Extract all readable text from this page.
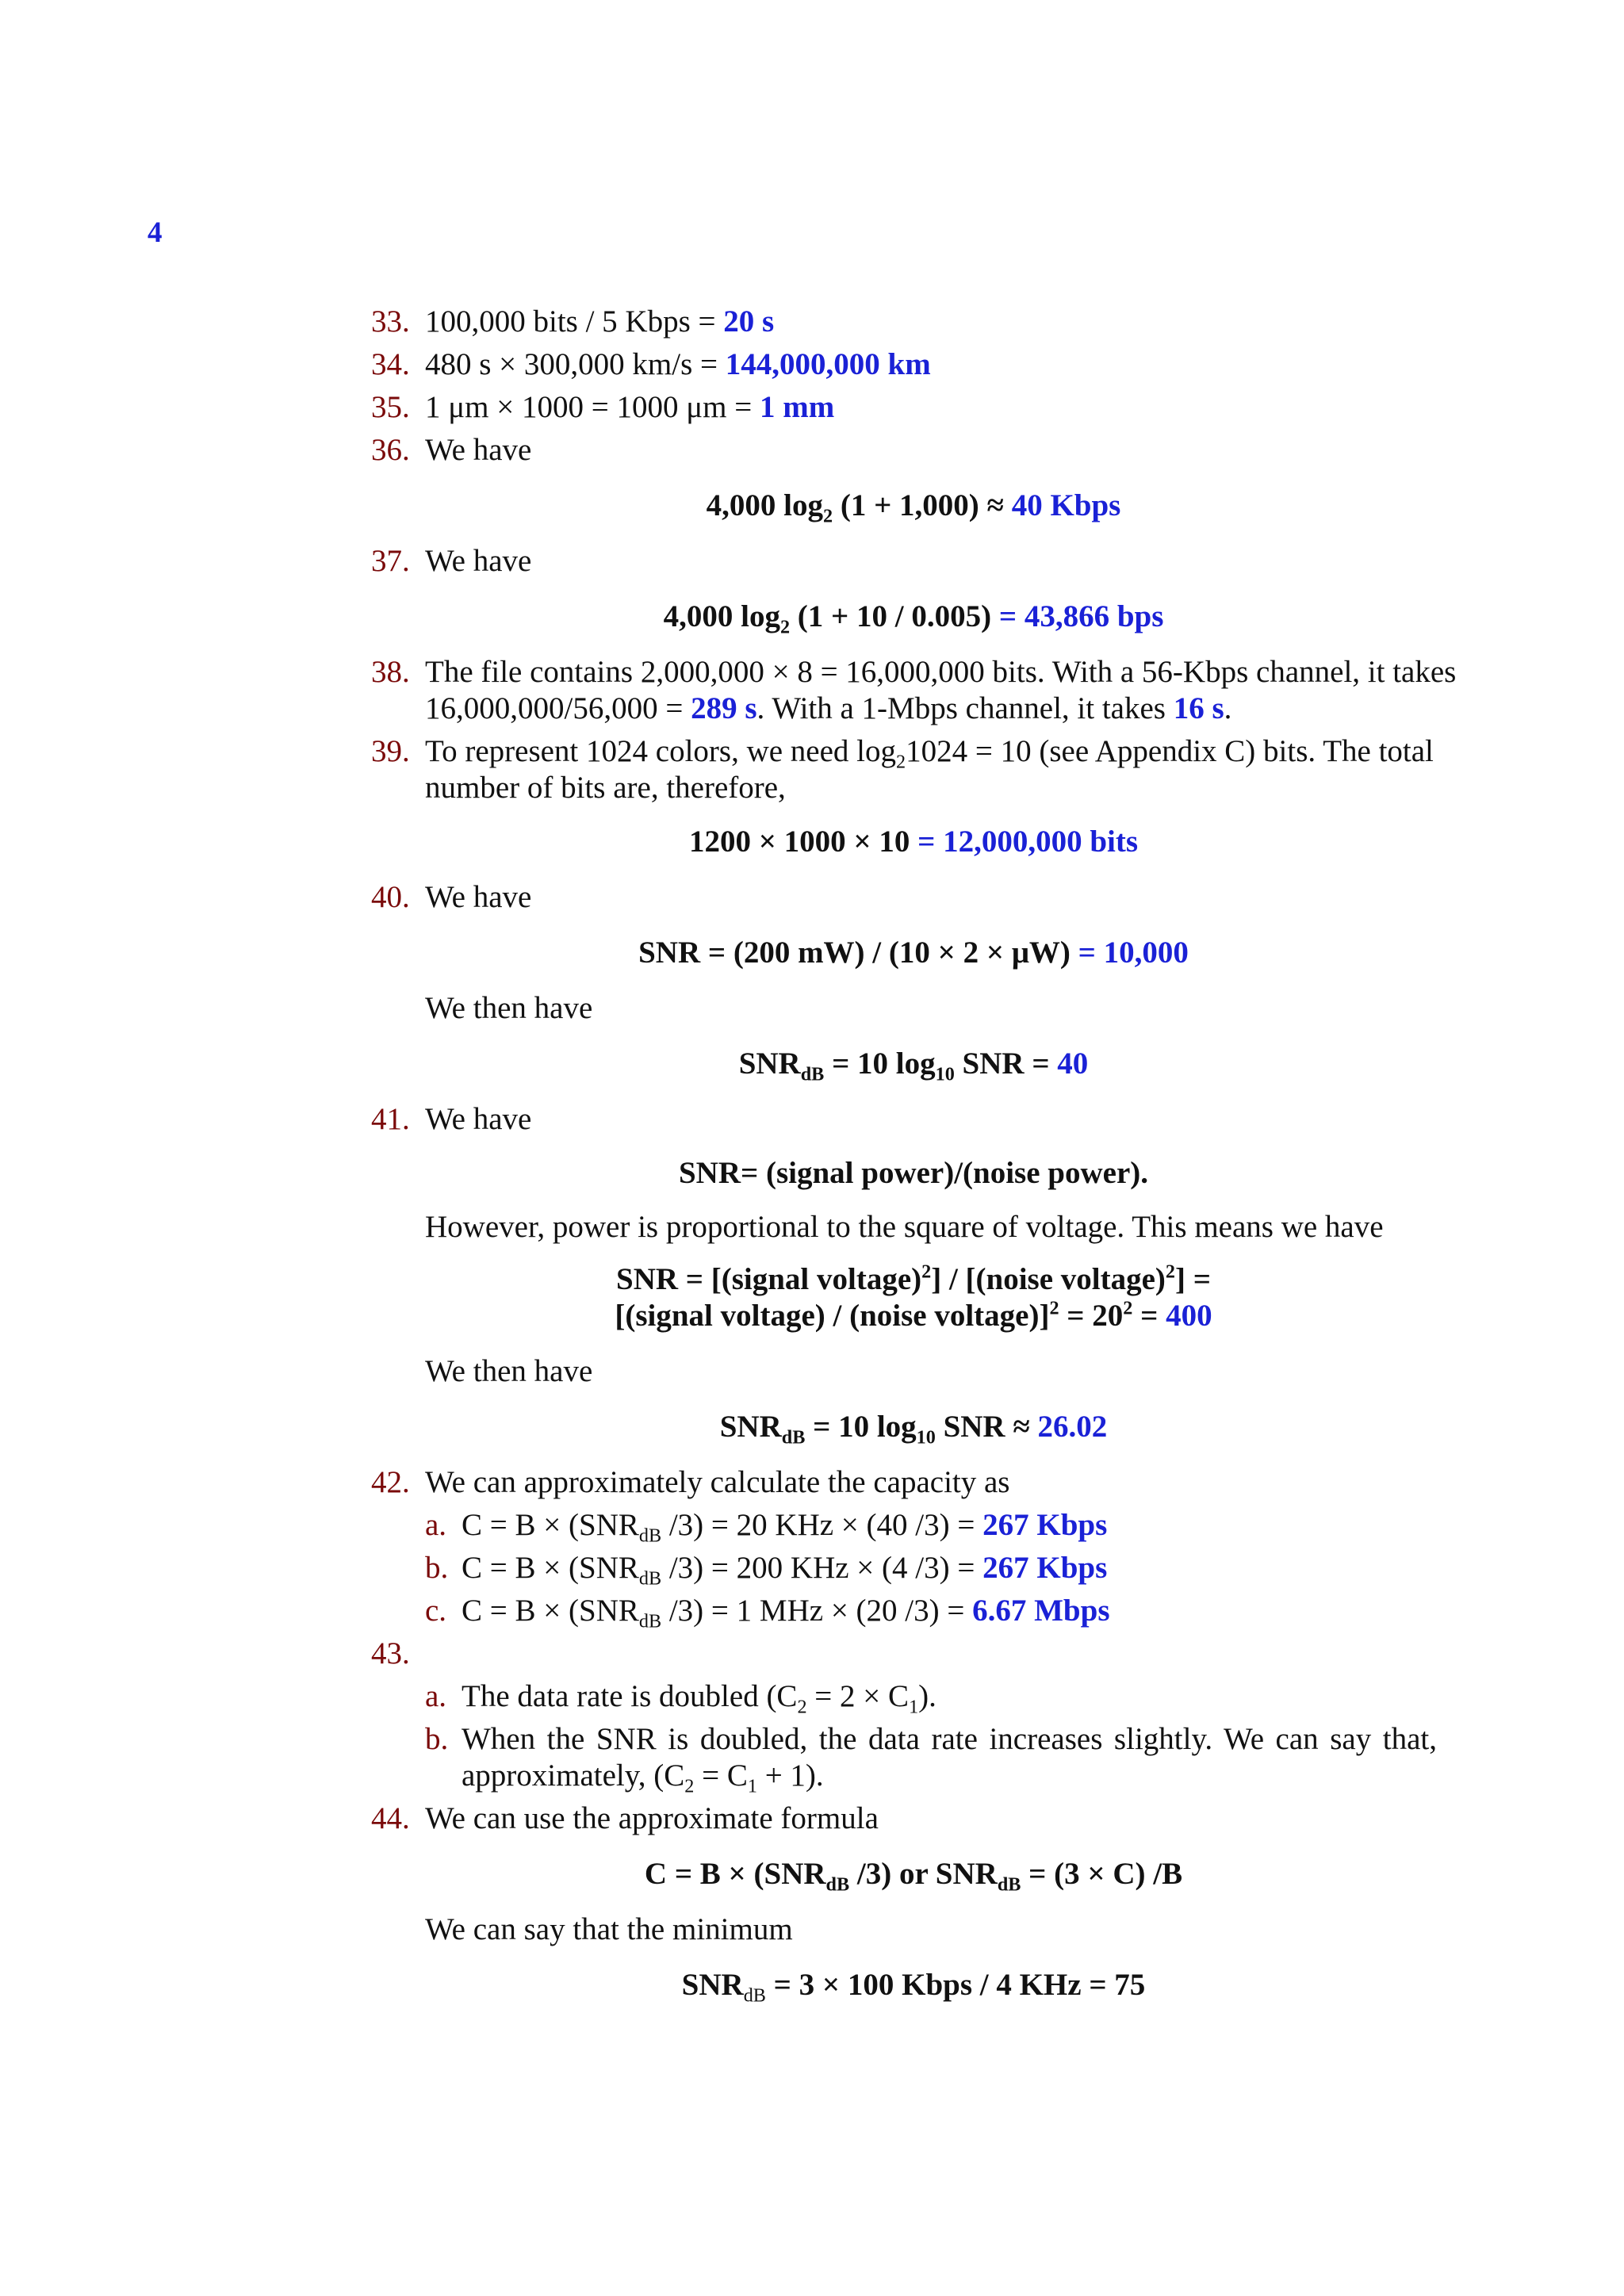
4
33. 100,000 bits / 5 Kbps = 20 s
34. 480 s × 300,000 km/s = 144,000,000 km
35. 1 μm × 1000 = 1000 μm = 1 mm
36. We have
4,000 $\log_2 (1 + 1,000) \approx 40$ Kbps
37. We have
4,000 $\log_2 (1 + 10 / 0.005) = 43,866$ bps
38. The file contains 2,000,000 × 8 = 16,000,000 bits. With a 56-Kbps channel, it takes
16,000,000/56,000 = 289 s. With a 1-Mbps channel, it takes 16 s.
39. To represent 1024 colors, we need $\log_21024 = 10$ (see Appendix C) bits. The total
number of bits are, therefore,
1200 × 1000 × 10 = 12,000,000 bits
40. We have
SNR = (200 mW) / (10 × 2 × μW) = 10,000
We then have
$SNR_{dB} = 10$ $\log_{10}$ SNR = 40
41. We have
SNR= (signal power)/(noise power).
However, power is proportional to the square of voltage. This means we have
SNR = [(signal voltage)$^2$] / [(noise voltage)$^2$] =
[(signal voltage) / (noise voltage)]$^2$ = $20^2 = 400$
We then have
$SNR_{dB} = 10$ $\log_{10}$ SNR ≈ 26.02
42. We can approximately calculate the capacity as
a. $C = B \times (SNR_{dB}$ /3) = 20 KHz × (40 /3) = 267 Kbps
b. $C = B \times (SNR_{dB}$ /3) = 200 KHz × (4 /3) = 267 Kbps
c. $C = B \times (SNR_{dB}$ /3) = 1 MHz × (20 /3) = 6.67 Mbps
43.
a. The data rate is doubled $(C_2 = 2 \times C_1)$.
b. When the SNR is doubled, the data rate increases slightly. We can say that,
approximately, $(C_2 = C_1 + 1)$.
44. We can use the approximate formula
$C = B \times (SNR_{dB}$ /3) or $SNR_{dB} = (3 \times C)$ /B
We can say that the minimum
$SNR_{dB} = 3 \times 100$ Kbps / 4 KHz = 75
